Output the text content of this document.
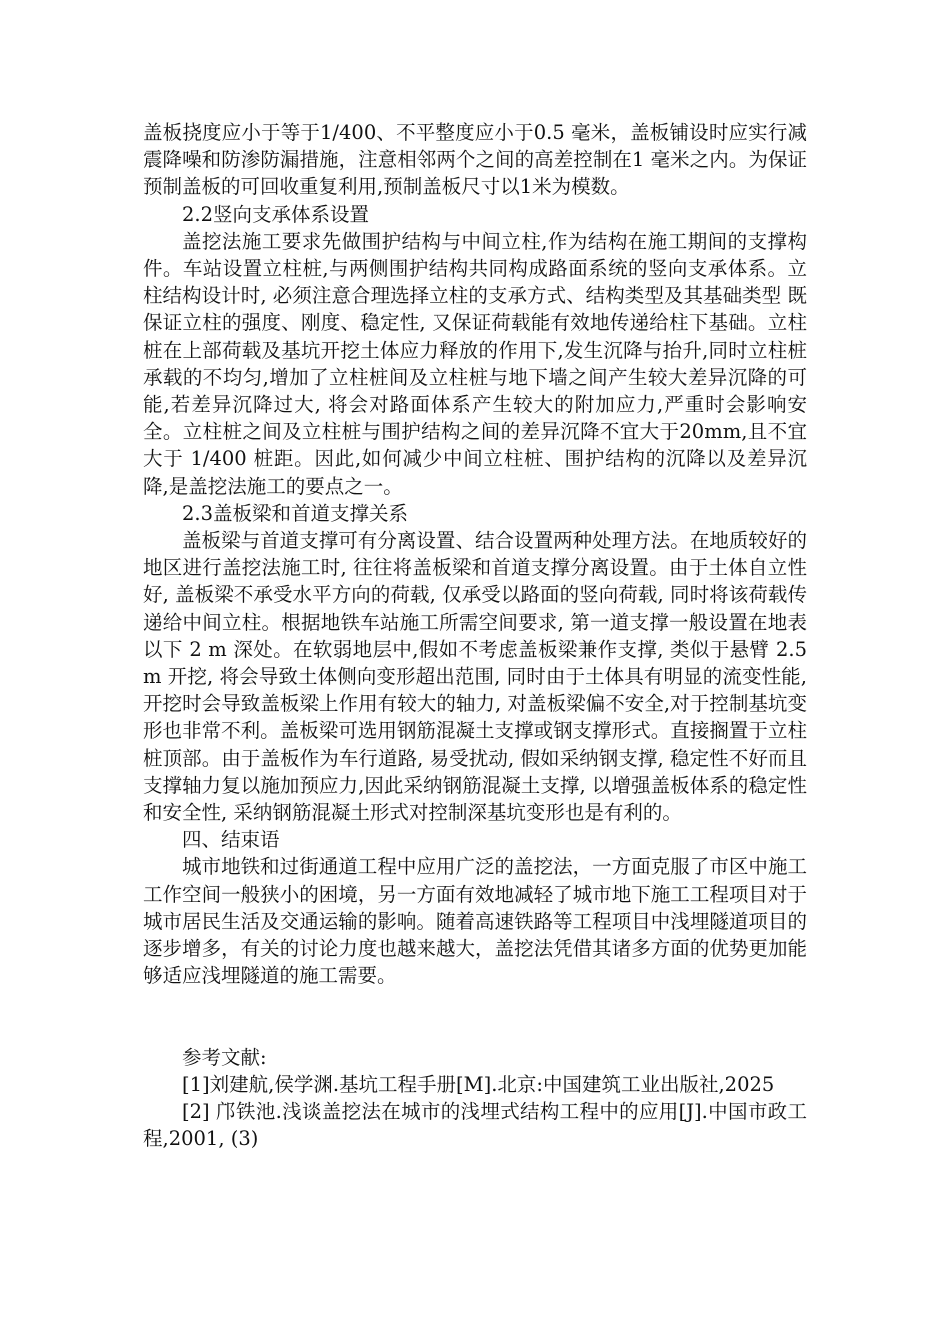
盖板挠度应小于等于1/400、不平整度应小于0.5 毫米，盖板铺设时应实行减震降噪和防渗防漏措施，注意相邻两个之间的高差控制在1 毫米之内。为保证预制盖板的可回收重复利用,预制盖板尺寸以1米为模数。

2.2竖向支承体系设置

盖挖法施工要求先做围护结构与中间立柱,作为结构在施工期间的支撑构件。车站设置立柱桩,与两侧围护结构共同构成路面系统的竖向支承体系。立柱结构设计时, 必须注意合理选择立柱的支承方式、结构类型及其基础类型 既保证立柱的强度、刚度、稳定性, 又保证荷载能有效地传递给柱下基础。立柱桩在上部荷载及基坑开挖土体应力释放的作用下,发生沉降与抬升,同时立柱桩承载的不均匀,增加了立柱桩间及立柱桩与地下墙之间产生较大差异沉降的可能,若差异沉降过大, 将会对路面体系产生较大的附加应力,严重时会影响安全。立柱桩之间及立柱桩与围护结构之间的差异沉降不宜大于20mm,且不宜大于 1/400 桩距。因此,如何减少中间立柱桩、围护结构的沉降以及差异沉降,是盖挖法施工的要点之一。

2.3盖板梁和首道支撑关系

盖板梁与首道支撑可有分离设置、结合设置两种处理方法。在地质较好的地区进行盖挖法施工时, 往往将盖板梁和首道支撑分离设置。由于土体自立性好, 盖板梁不承受水平方向的荷载, 仅承受以路面的竖向荷载, 同时将该荷载传递给中间立柱。根据地铁车站施工所需空间要求, 第一道支撑一般设置在地表以下 2 m 深处。在软弱地层中,假如不考虑盖板梁兼作支撑, 类似于悬臂 2.5m 开挖, 将会导致土体侧向变形超出范围, 同时由于土体具有明显的流变性能, 开挖时会导致盖板梁上作用有较大的轴力, 对盖板梁偏不安全,对于控制基坑变形也非常不利。盖板梁可选用钢筋混凝土支撑或钢支撑形式。直接搁置于立柱桩顶部。由于盖板作为车行道路, 易受扰动, 假如采纳钢支撑, 稳定性不好而且支撑轴力复以施加预应力,因此采纳钢筋混凝土支撑, 以增强盖板体系的稳定性和安全性, 采纳钢筋混凝土形式对控制深基坑变形也是有利的。

四、结束语

城市地铁和过街通道工程中应用广泛的盖挖法，一方面克服了市区中施工工作空间一般狭小的困境，另一方面有效地减轻了城市地下施工工程项目对于城市居民生活及交通运输的影响。随着高速铁路等工程项目中浅埋隧道项目的逐步增多，有关的讨论力度也越来越大，盖挖法凭借其诸多方面的优势更加能够适应浅埋隧道的施工需要。

参考文献:

[1]刘建航,侯学渊.基坑工程手册[M].北京:中国建筑工业出版社,2025

[2] 邝铁池.浅谈盖挖法在城市的浅埋式结构工程中的应用[J].中国市政工程,2001, (3)
